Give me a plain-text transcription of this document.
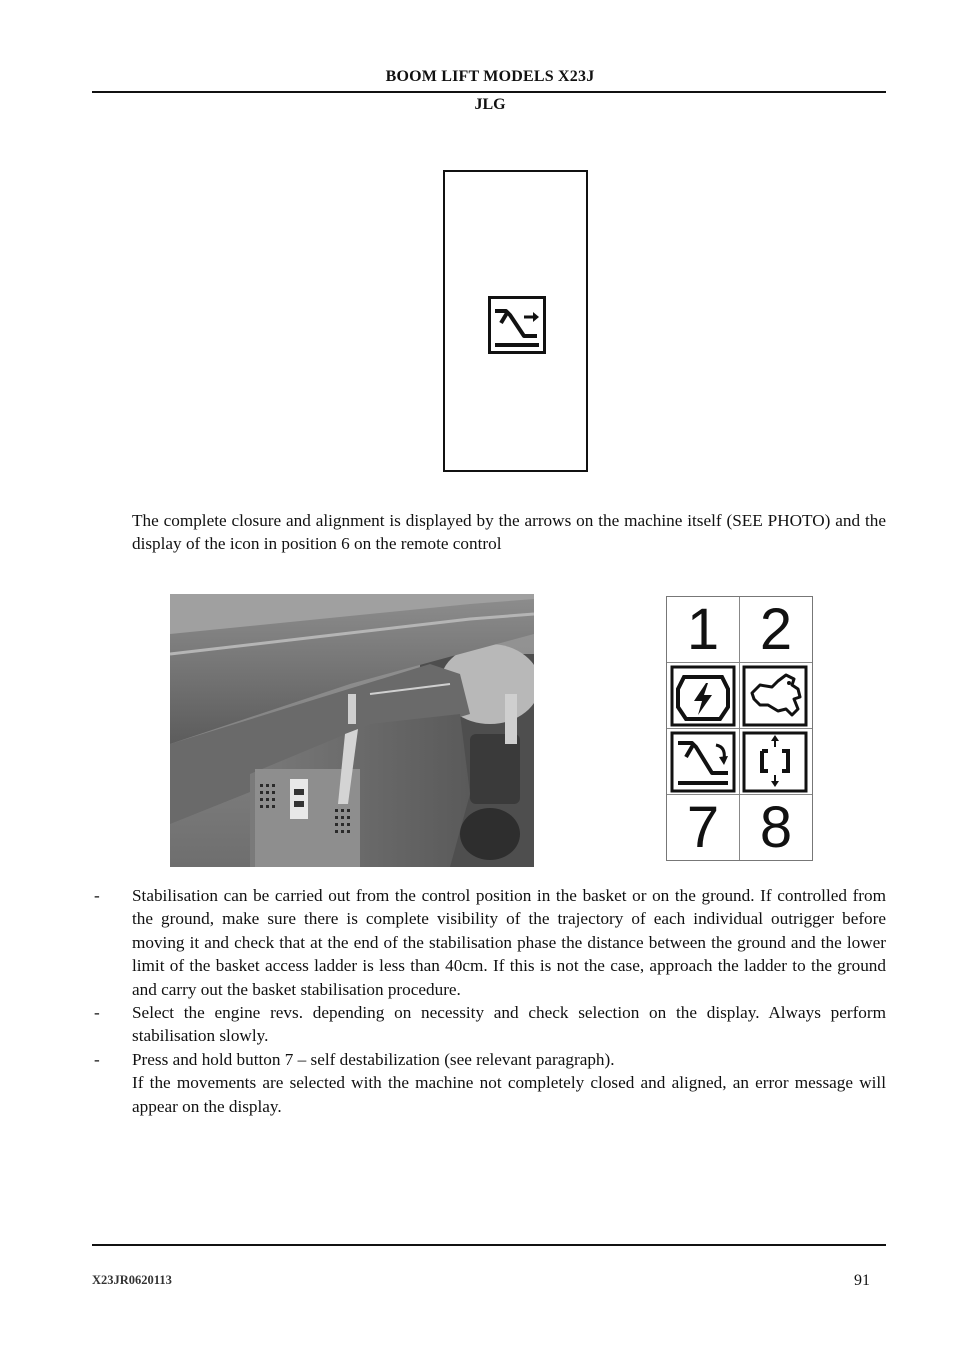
BOOM LIFT MODELS X23J
JLG
The complete closure and alignment is displayed by the arrows on the machine itself (SEE PHOTO) and the display of the icon in position 6 on the remote control
1 2
7 8
- Stabilisation can be carried out from the control position in the basket or on the ground. If controlled from the ground, make sure there is complete visibility of the trajectory of each individual outrigger before moving it and check that at the end of the stabilisation phase the distance between the ground and the lower limit of the basket access ladder is less than 40cm. If this is not the case, approach the ladder to the ground and carry out the basket stabilisation procedure.
- Select the engine revs. depending on necessity and check selection on the display. Always perform stabilisation slowly.
- Press and hold button 7 – self destabilization (see relevant paragraph).
If the movements are selected with the machine not completely closed and aligned, an error message will appear on the display.
X23JR0620113	91
